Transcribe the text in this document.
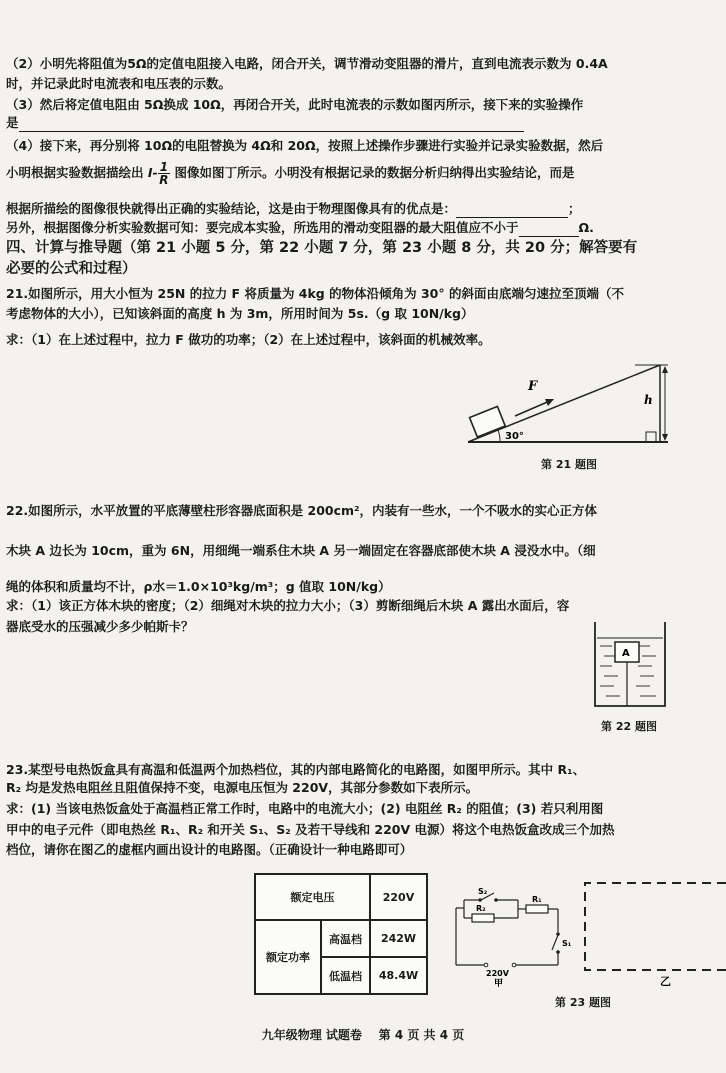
（2）小明先将阻值为5Ω的定值电阻接入电路，闭合开关，调节滑动变阻器的滑片，直到电流表示数为 0.4A
时，并记录此时电流表和电压表的示数。
（3）然后将定值电阻由 5Ω换成 10Ω，再闭合开关，此时电流表的示数如图丙所示，接下来的实验操作
是
（4）接下来，再分别将 10Ω的电阻替换为 4Ω和 20Ω，按照上述操作步骤进行实验并记录实验数据，然后
小明根据实验数据描绘出 $I- \frac{1}{R}$ 图像如图丁所示。小明没有根据记录的数据分析归纳得出实验结论，而是
根据所描绘的图像很快就得出正确的实验结论，这是由于物理图像具有的优点是：	；
另外，根据图像分析实验数据可知：要完成本实验，所选用的滑动变阻器的最大阻值应不小于	Ω.
四、计算与推导题（第 21 小题 5 分，第 22 小题 7 分，第 23 小题 8 分，共 20 分；解答要有
必要的公式和过程）
21.如图所示，用大小恒为 25N 的拉力 F 将质量为 4kg 的物体沿倾角为 30° 的斜面由底端匀速拉至顶端（不
考虑物体的大小），已知该斜面的高度 h 为 3m，所用时间为 5s.（g 取 10N/kg）
求：（1）在上述过程中，拉力 F 做功的功率；（2）在上述过程中，该斜面的机械效率。
F
h
30°
第 21 题图
22.如图所示，水平放置的平底薄壁柱形容器底面积是 200cm²，内装有一些水，一个不吸水的实心正方体
木块 A 边长为 10cm，重为 6N，用细绳一端系住木块 A 另一端固定在容器底部使木块 A 浸没水中。（细
绳的体积和质量均不计，ρ水＝1.0×10³kg/m³；g 值取 10N/kg）
求：（1）该正方体木块的密度；（2）细绳对木块的拉力大小；（3）剪断细绳后木块 A 露出水面后，容
器底受水的压强减少多少帕斯卡？
A
第 22 题图
23.某型号电热饭盒具有高温和低温两个加热档位，其的内部电路简化的电路图，如图甲所示。其中 R₁、
R₂ 均是发热电阻丝且阻值保持不变，电源电压恒为 220V，其部分参数如下表所示。
求：(1) 当该电热饭盒处于高温档正常工作时，电路中的电流大小；(2) 电阻丝 R₂ 的阻值；(3) 若只利用图
甲中的电子元件（即电热丝 R₁、R₂ 和开关 S₁、S₂ 及若干导线和 220V 电源）将这个电热饭盒改成三个加热
档位，请你在图乙的虚框内画出设计的电路图。（正确设计一种电路即可）
额定电压		220V
额定功率	高温档	242W
	低温档	48.4W
S₂
R₂
R₁
S₁
220V
甲	乙
第 23 题图
九年级物理 试题卷 第 4 页 共 4 页
